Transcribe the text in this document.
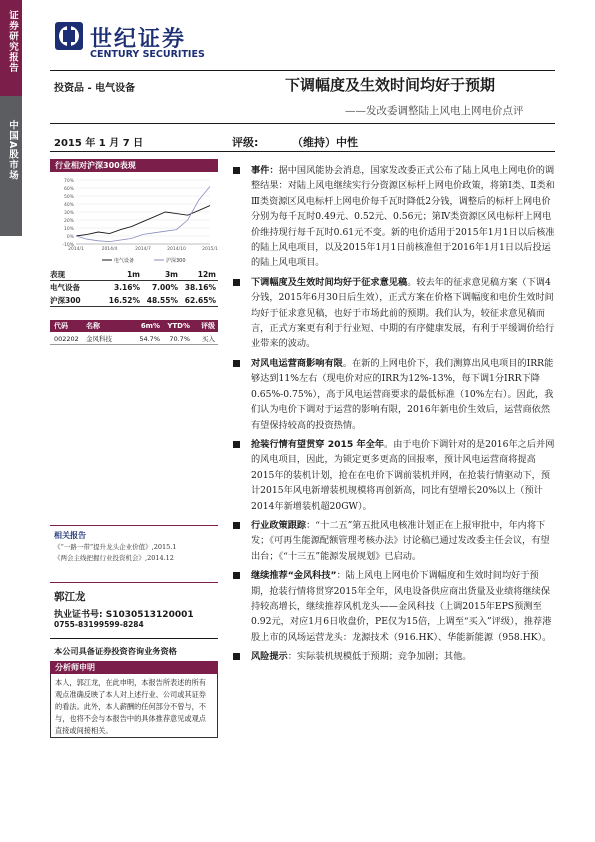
证券研究报告
中国A股市场
世纪证券
CENTURY SECURITIES
投资品 - 电气设备	下调幅度及生效时间均好于预期
——发改委调整陆上风电上网电价点评
2015 年 1 月 7 日	评级:	（维持）中性
行业相对沪深300表现
-10%
0%
10%
20%
30%
40%
50%
60%
70%
2014/1	2014/4	2014/7	2014/10	2015/1
电气设备	沪深300
表现	1m	3m	12m
电气设备	3.16%	7.00% 38.16%
沪深300	16.52% 48.55% 62.65%
代码	名称	6m%	YTD%	评级
002202	金风科技	54.7%	70.7%	买入
相关报告
《“一路一带”提升龙头企业价值》,2015.1
《两会主线把握行业投资机会》,2014.12
郭江龙
执业证书号: S1030513120001
0755-83199599-8284
本公司具备证券投资咨询业务资格
分析师申明
本人，郭江龙，在此申明，本报告所表述的所有观点准确反映了本人对上述行业、公司或其证券的看法。此外，本人薪酬的任何部分不曾与，不与，也将不会与本报告中的具体推荐意见或观点直接或间接相关。
事件：据中国风能协会消息，国家发改委正式公布了陆上风电上网电价的调整结果：对陆上风电继续实行分资源区标杆上网电价政策，将第Ⅰ类、Ⅱ类和Ⅲ类资源区风电标杆上网电价每千瓦时降低2分钱，调整后的标杆上网电价分别为每千瓦时0.49元、0.52元、0.56元；第Ⅳ类资源区风电标杆上网电价维持现行每千瓦时0.61元不变。新的电价适用于2015年1月1日以后核准的陆上风电项目，以及2015年1月1日前核准但于2016年1月1日以后投运的陆上风电项目。
下调幅度及生效时间均好于征求意见稿。较去年的征求意见稿方案（下调4分钱，2015年6月30日后生效），正式方案在价格下调幅度和电价生效时间均好于征求意见稿，也好于市场此前的预期。我们认为，较征求意见稿而言，正式方案更有利于行业短、中期的有序健康发展，有利于平缓调价给行业带来的波动。
对风电运营商影响有限。在新的上网电价下，我们测算出风电项目的IRR能够达到11%左右（现电价对应的IRR为12%-13%，每下调1分IRR下降0.65%-0.75%），高于风电运营商要求的最低标准（10%左右）。因此，我们认为电价下调对于运营的影响有限，2016年新电价生效后，运营商依然有望保持较高的投资热情。
抢装行情有望贯穿 2015 年全年。由于电价下调针对的是2016年之后并网的风电项目，因此，为锁定更多更高的回报率，预计风电运营商将提高2015年的装机计划，抢在在电价下调前装机并网，在抢装行情驱动下，预计2015年风电新增装机规模将再创新高，同比有望增长20%以上（预计2014年新增装机超20GW）。
行业政策跟踪：“十二五”第五批风电核准计划正在上报审批中，年内将下发；《可再生能源配额管理考核办法》讨论稿已通过发改委主任会议，有望出台；《“十三五”能源发展规划》已启动。
继续推荐“金风科技”：陆上风电上网电价下调幅度和生效时间均好于预期，抢装行情将贯穿2015年全年，风电设备供应商出货量及业绩将继续保持较高增长，继续推荐风机龙头——金风科技（上调2015年EPS预测至0.92元，对应1月6日收盘价，PE仅为15倍，上调至“买入”评级），推荐港股上市的风场运营龙头：龙源技术（916.HK）、华能新能源（958.HK）。
风险提示：实际装机规模低于预期；竞争加剧；其他。
